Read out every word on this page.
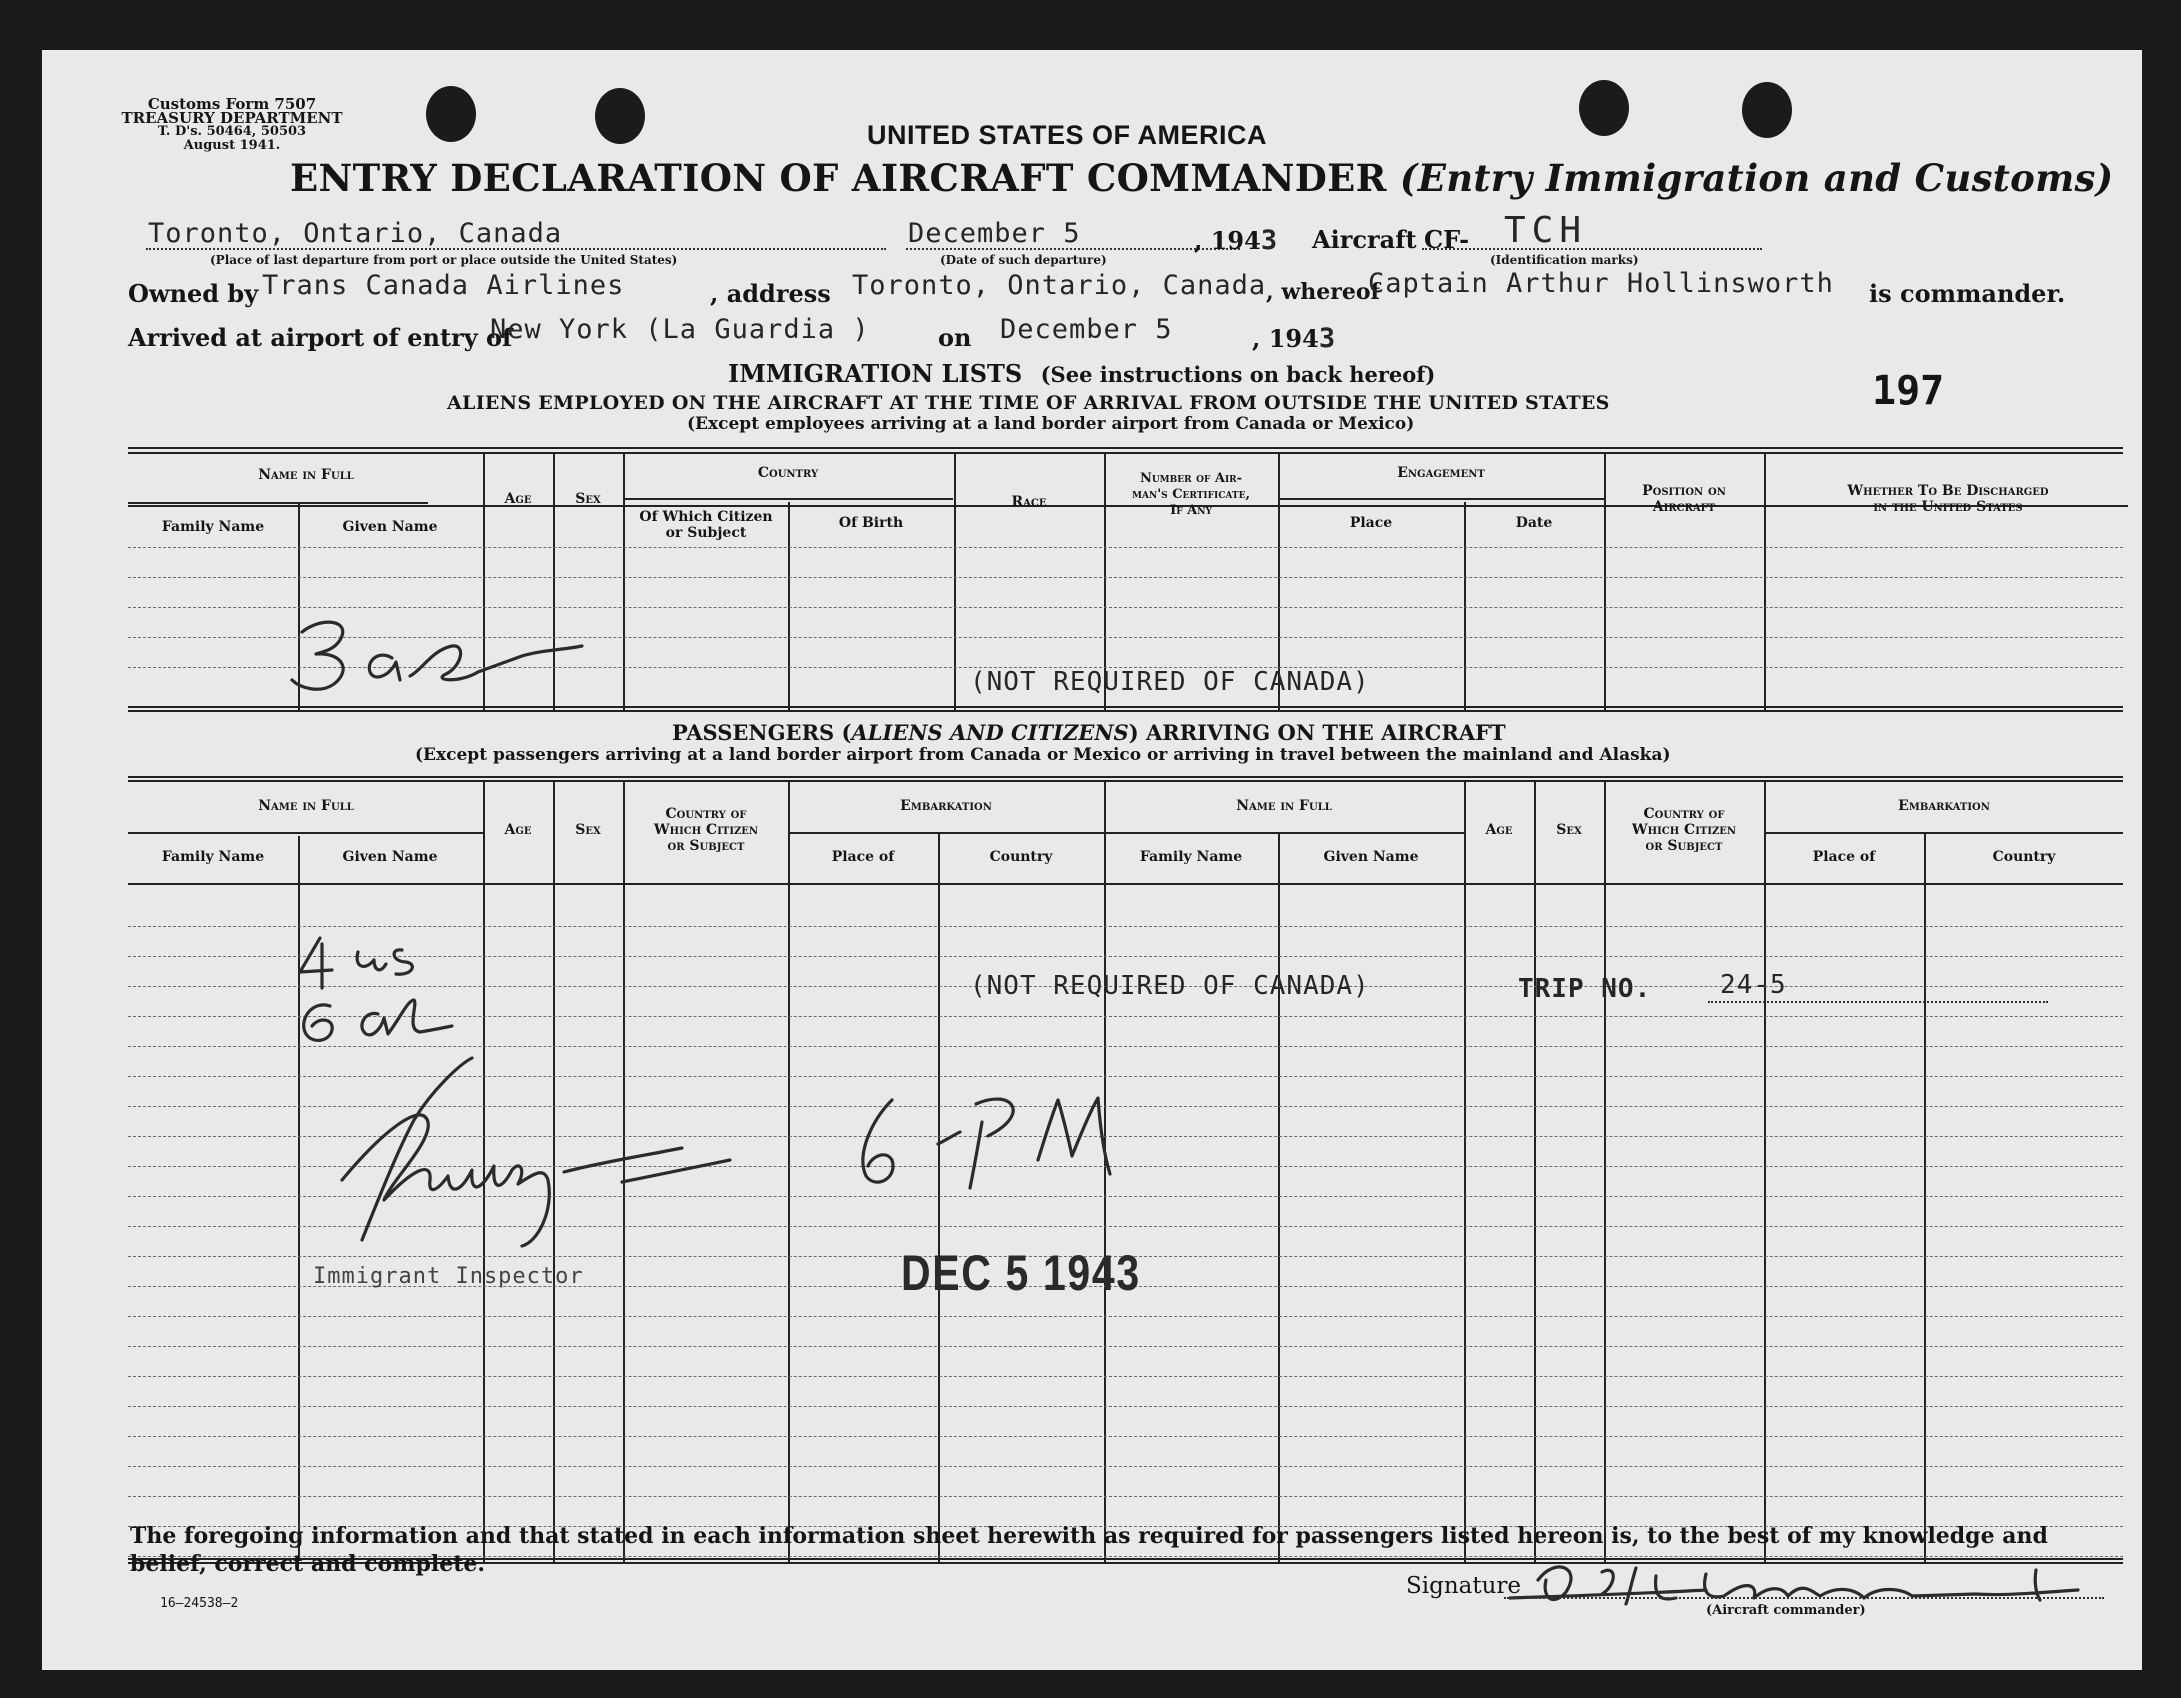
Customs Form 7507
TREASURY DEPARTMENT
T. D's. 50464, 50503
August 1941.	UNITED STATES OF AMERICA
ENTRY DECLARATION OF AIRCRAFT COMMANDER (Entry Immigration and Customs)
Toronto, Ontario, Canada
(Place of last departure from port or place outside the United States)
December 5
(Date of such departure)
, 1943 Aircraft CF- TCH
(Identification marks)
Owned by Trans Canada Airlines	, address Toronto, Ontario, Canada , whereof
Captain Arthur Hollinsworth is commander.
Arrived at airport of entry of
New York (La Guardia )	on December 5	, 1943
IMMIGRATION LISTS (See instructions on back hereof)
ALIENS EMPLOYED ON THE AIRCRAFT AT THE TIME OF ARRIVAL FROM OUTSIDE THE UNITED STATES
(Except employees arriving at a land border airport from Canada or Mexico)
197
Name in Full
Family Name	Given Name
Age	Sex
Country
Of Which Citizen
or Subject
Of Birth
Race
Number of Air-
man's Certificate,
If Any
Engagement
Place	Date
Position on
Aircraft
Whether To Be Discharged
in the United States
(NOT REQUIRED OF CANADA)
PASSENGERS (ALIENS AND CITIZENS) ARRIVING ON THE AIRCRAFT
(Except passengers arriving at a land border airport from Canada or Mexico or arriving in travel between the mainland and Alaska)
Name in Full
Family Name	Given Name
Age	Sex
Country of
Which Citizen
or Subject
Embarkation
Place of	Country
Name in Full
Family Name	Given Name
Age	Sex
Country of
Which Citizen
or Subject
Embarkation
Place of	Country
(NOT REQUIRED OF CANADA)	TRIP NO.	24-5
Immigrant Inspector	DEC 5 1943
The foregoing information and that stated in each information sheet herewith as required for passengers listed hereon is, to the best of my knowledge and belief, correct and complete.
16—24538—2
Signature
(Aircraft commander)
